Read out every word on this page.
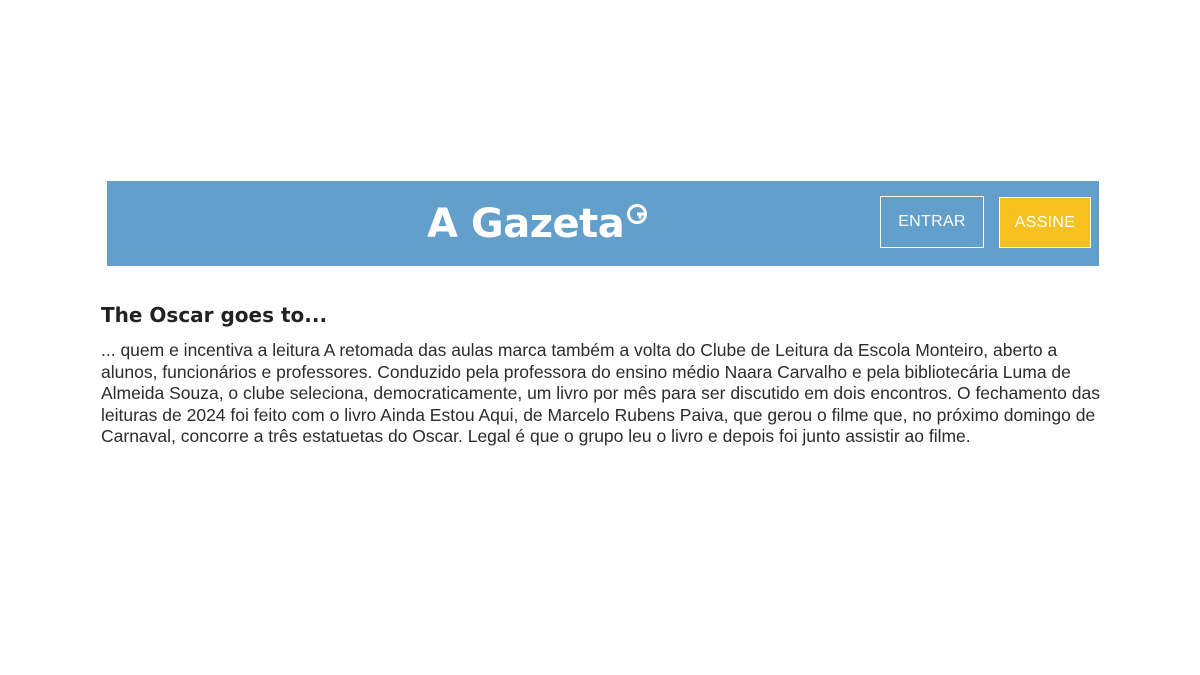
A Gazeta	ENTRAR	ASSINE
The Oscar goes to...

... quem e incentiva a leitura A retomada das aulas marca também a volta do Clube de Leitura da Escola Monteiro, aberto a alunos, funcionários e professores. Conduzido pela professora do ensino médio Naara Carvalho e pela bibliotecária Luma de Almeida Souza, o clube seleciona, democraticamente, um livro por mês para ser discutido em dois encontros. O fechamento das leituras de 2024 foi feito com o livro Ainda Estou Aqui, de Marcelo Rubens Paiva, que gerou o filme que, no próximo domingo de Carnaval, concorre a três estatuetas do Oscar. Legal é que o grupo leu o livro e depois foi junto assistir ao filme.
